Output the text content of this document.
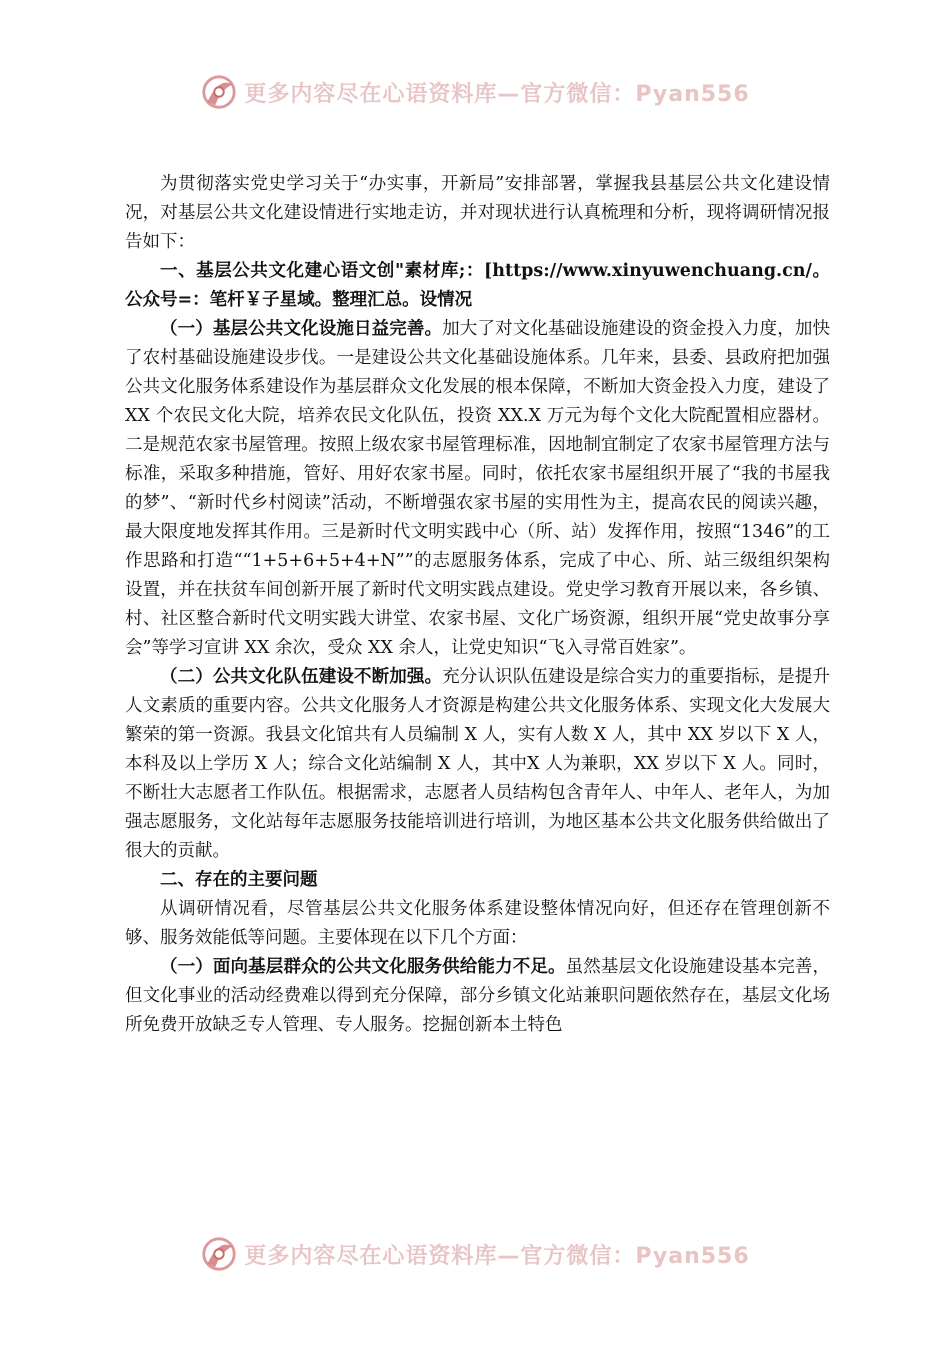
更多内容尽在心语资料库—官方微信：Pyan556

为贯彻落实党史学习关于“办实事，开新局”安排部署，掌握我县基层公共文化建设情况，对基层公共文化建设情进行实地走访，并对现状进行认真梳理和分析，现将调研情况报告如下：

一、基层公共文化建心语文创"素材库;：[https://www.xinyuwenchuang.cn/。公众号=：笔杆￥子星域。整理汇总。设情况

（一）基层公共文化设施日益完善。加大了对文化基础设施建设的资金投入力度，加快了农村基础设施建设步伐。一是建设公共文化基础设施体系。几年来，县委、县政府把加强公共文化服务体系建设作为基层群众文化发展的根本保障，不断加大资金投入力度，建设了 XX 个农民文化大院，培养农民文化队伍，投资 XX.X 万元为每个文化大院配置相应器材。二是规范农家书屋管理。按照上级农家书屋管理标准，因地制宜制定了农家书屋管理方法与标准，采取多种措施，管好、用好农家书屋。同时，依托农家书屋组织开展了“我的书屋我的梦”、“新时代乡村阅读”活动，不断增强农家书屋的实用性为主，提高农民的阅读兴趣，最大限度地发挥其作用。三是新时代文明实践中心（所、站）发挥作用，按照“1346”的工作思路和打造““1+5+6+5+4+N””的志愿服务体系，完成了中心、所、站三级组织架构设置，并在扶贫车间创新开展了新时代文明实践点建设。党史学习教育开展以来，各乡镇、村、社区整合新时代文明实践大讲堂、农家书屋、文化广场资源，组织开展“党史故事分享会”等学习宣讲 XX 余次，受众 XX 余人，让党史知识“飞入寻常百姓家”。

（二）公共文化队伍建设不断加强。充分认识队伍建设是综合实力的重要指标，是提升人文素质的重要内容。公共文化服务人才资源是构建公共文化服务体系、实现文化大发展大繁荣的第一资源。我县文化馆共有人员编制 X 人，实有人数 X 人，其中 XX 岁以下 X 人，本科及以上学历 X 人；综合文化站编制 X 人，其中X 人为兼职，XX 岁以下 X 人。同时，不断壮大志愿者工作队伍。根据需求，志愿者人员结构包含青年人、中年人、老年人，为加强志愿服务，文化站每年志愿服务技能培训进行培训，为地区基本公共文化服务供给做出了很大的贡献。

二、存在的主要问题

从调研情况看，尽管基层公共文化服务体系建设整体情况向好，但还存在管理创新不够、服务效能低等问题。主要体现在以下几个方面：

（一）面向基层群众的公共文化服务供给能力不足。虽然基层文化设施建设基本完善，但文化事业的活动经费难以得到充分保障，部分乡镇文化站兼职问题依然存在，基层文化场所免费开放缺乏专人管理、专人服务。挖掘创新本土特色

更多内容尽在心语资料库—官方微信：Pyan556
